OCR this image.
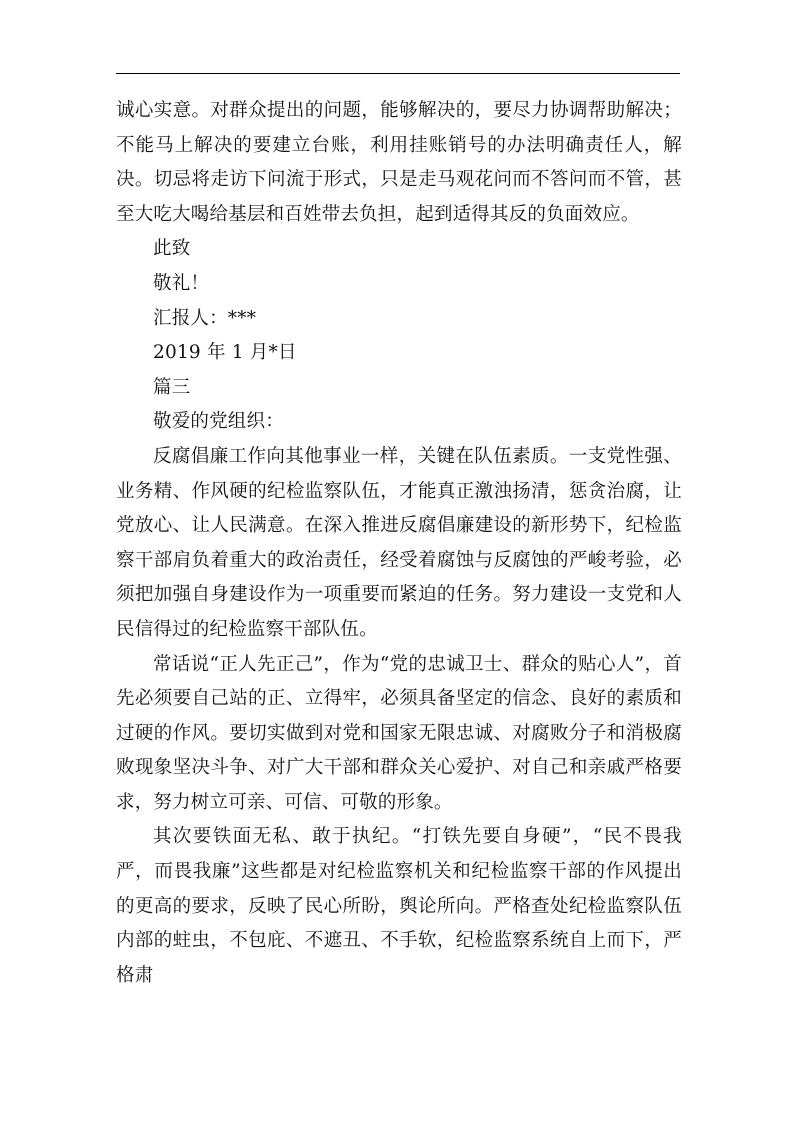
诚心实意。对群众提出的问题，能够解决的，要尽力协调帮助解决；不能马上解决的要建立台账，利用挂账销号的办法明确责任人，解决。切忌将走访下问流于形式，只是走马观花问而不答问而不管，甚至大吃大喝给基层和百姓带去负担，起到适得其反的负面效应。

此致

敬礼！

汇报人：***

2019 年 1 月*日

篇三

敬爱的党组织：

反腐倡廉工作向其他事业一样，关键在队伍素质。一支党性强、业务精、作风硬的纪检监察队伍，才能真正激浊扬清，惩贪治腐，让党放心、让人民满意。在深入推进反腐倡廉建设的新形势下，纪检监察干部肩负着重大的政治责任，经受着腐蚀与反腐蚀的严峻考验，必须把加强自身建设作为一项重要而紧迫的任务。努力建设一支党和人民信得过的纪检监察干部队伍。

常话说“正人先正己”，作为“党的忠诚卫士、群众的贴心人”，首先必须要自己站的正、立得牢，必须具备坚定的信念、良好的素质和过硬的作风。要切实做到对党和国家无限忠诚、对腐败分子和消极腐败现象坚决斗争、对广大干部和群众关心爱护、对自己和亲戚严格要求，努力树立可亲、可信、可敬的形象。

其次要铁面无私、敢于执纪。“打铁先要自身硬”，“民不畏我严，而畏我廉”这些都是对纪检监察机关和纪检监察干部的作风提出的更高的要求，反映了民心所盼，舆论所向。严格查处纪检监察队伍内部的蛀虫，不包庇、不遮丑、不手软，纪检监察系统自上而下，严格肃
